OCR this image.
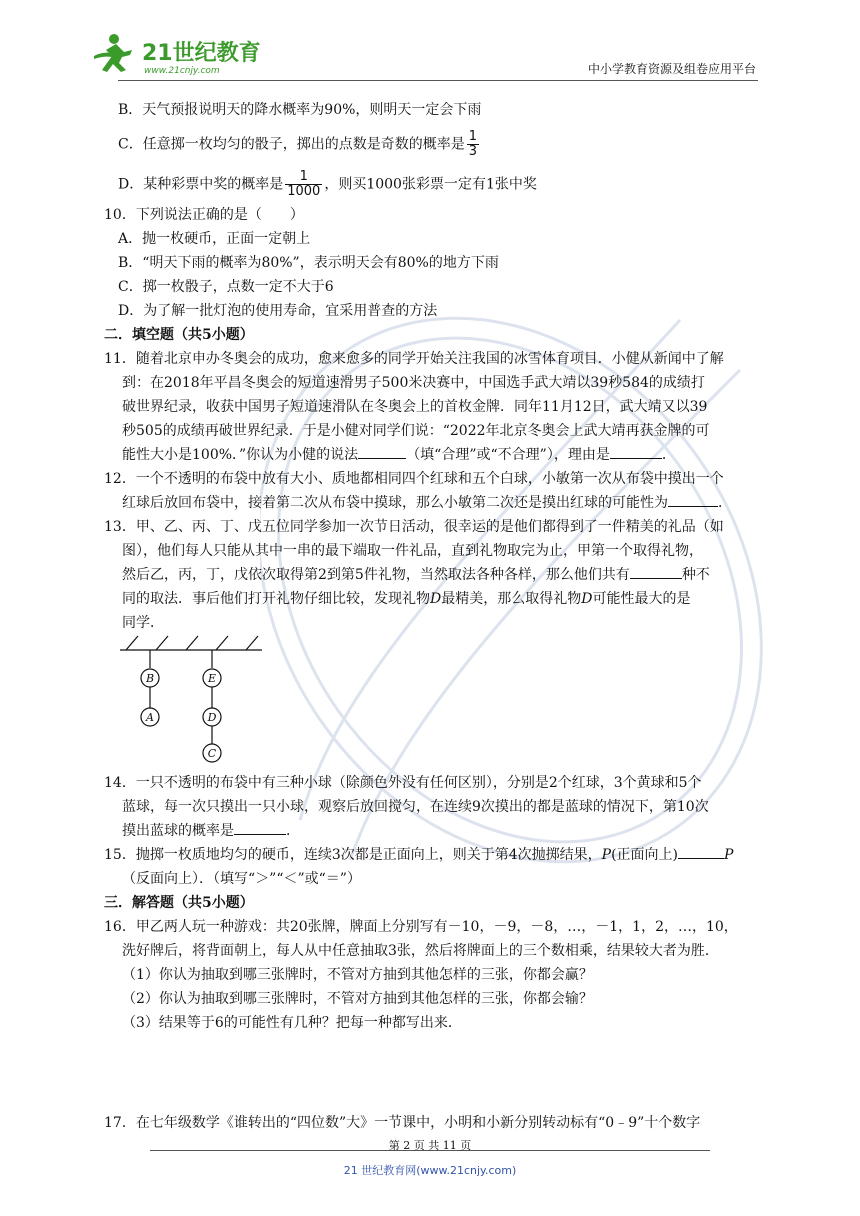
21世纪教育
www.21cnjy.com	中小学教育资源及组卷应用平台
B．天气预报说明天的降水概率为90%，则明天一定会下雨
C．任意掷一枚均匀的骰子，掷出的点数是奇数的概率是 $\frac{1}{3}$
D．某种彩票中奖的概率是 $\frac{1}{1000}$ ，则买1000张彩票一定有1张中奖
10．下列说法正确的是（　　）
A．抛一枚硬币，正面一定朝上
B．“明天下雨的概率为80%”，表示明天会有80%的地方下雨
C．掷一枚骰子，点数一定不大于6
D．为了解一批灯泡的使用寿命，宜采用普查的方法
二．填空题（共5小题）
11．随着北京申办冬奥会的成功，愈来愈多的同学开始关注我国的冰雪体育项目．小健从新闻中了解
到：在2018年平昌冬奥会的短道速滑男子500米决赛中，中国选手武大靖以39秒584的成绩打
破世界纪录，收获中国男子短道速滑队在冬奥会上的首枚金牌．同年11月12日，武大靖又以39
秒505的成绩再破世界纪录．于是小健对同学们说：“2022年北京冬奥会上武大靖再获金牌的可
能性大小是100%．”你认为小健的说法	（填“合理”或“不合理”），理由是	．
12．一个不透明的布袋中放有大小、质地都相同四个红球和五个白球，小敏第一次从布袋中摸出一个
红球后放回布袋中，接着第二次从布袋中摸球，那么小敏第二次还是摸出红球的可能性为	．
13．甲、乙、丙、丁、戊五位同学参加一次节日活动，很幸运的是他们都得到了一件精美的礼品（如
图），他们每人只能从其中一串的最下端取一件礼品，直到礼物取完为止，甲第一个取得礼物，
然后乙，丙，丁，戊依次取得第2到第5件礼物，当然取法各种各样，那么他们共有	种不
同的取法．事后他们打开礼物仔细比较，发现礼物D最精美，那么取得礼物D可能性最大的是
同学．
B
A
E
D
C
14．一只不透明的布袋中有三种小球（除颜色外没有任何区别），分别是2个红球，3个黄球和5个
蓝球，每一次只摸出一只小球，观察后放回搅匀，在连续9次摸出的都是蓝球的情况下，第10次
摸出蓝球的概率是	．
15．抛掷一枚质地均匀的硬币，连续3次都是正面向上，则关于第4次抛掷结果，P(正面向上)	P
（反面向上）．（填写“＞”“＜”或“＝”）
三．解答题（共5小题）
16．甲乙两人玩一种游戏：共20张牌，牌面上分别写有－10，－9，－8，…，－1，1，2，…，10，
洗好牌后，将背面朝上，每人从中任意抽取3张，然后将牌面上的三个数相乘，结果较大者为胜．
（1）你认为抽取到哪三张牌时，不管对方抽到其他怎样的三张，你都会赢？
（2）你认为抽取到哪三张牌时，不管对方抽到其他怎样的三张，你都会输？
（3）结果等于6的可能性有几种？把每一种都写出来．
17．在七年级数学《谁转出的“四位数”大》一节课中，小明和小新分别转动标有“0﹣9”十个数字
第 2 页 共 11 页
21 世纪教育网(www.21cnjy.com)
